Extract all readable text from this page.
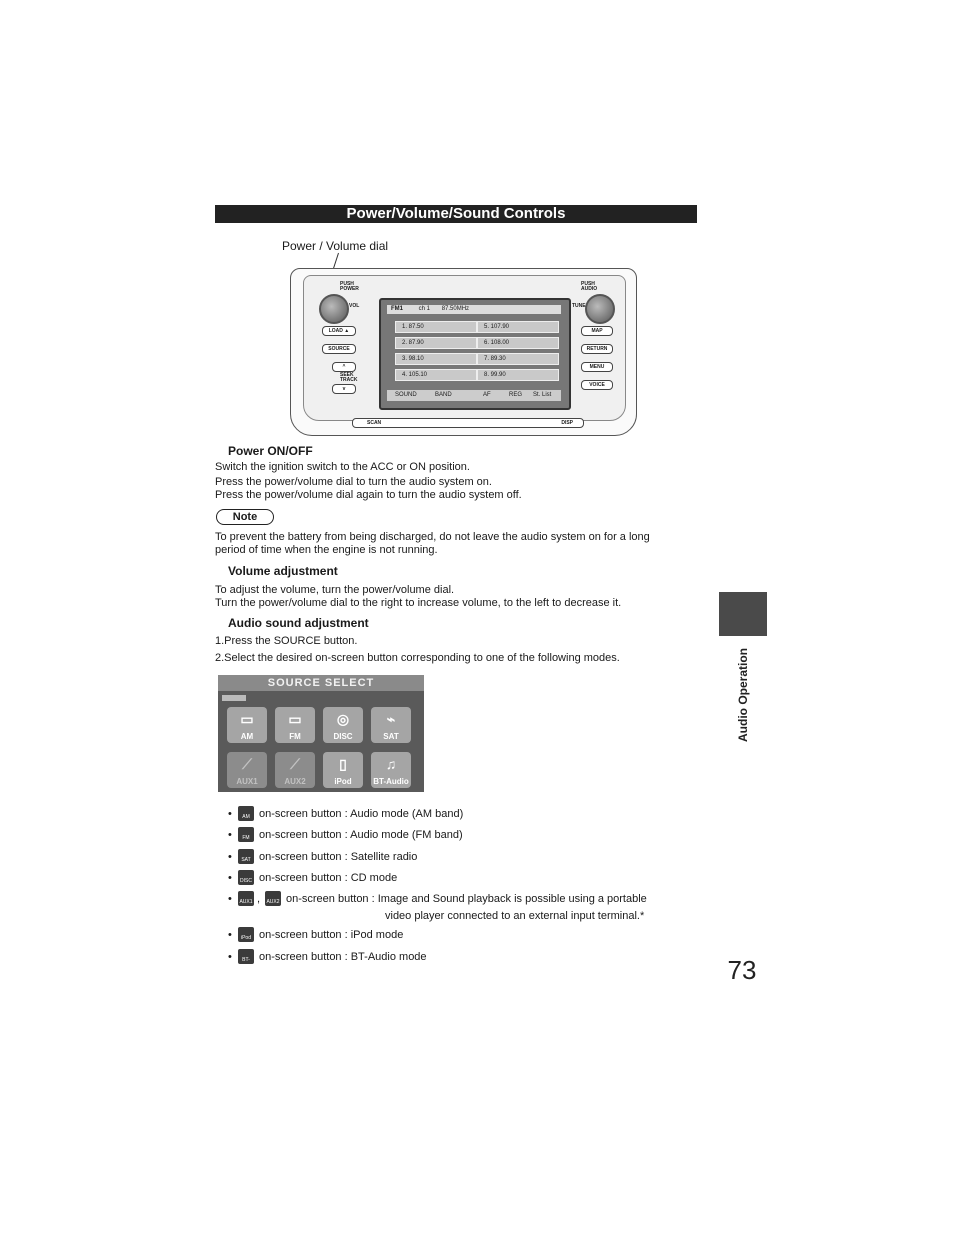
Power/Volume/Sound Controls
Audio Operation
73
Power / Volume dial
PUSH
POWER
VOL
PUSH
AUDIO
TUNE
LOAD ▲
SOURCE
^
SEEK TRACK
v
MAP
RETURN
MENU
VOICE
FM1	ch 1 87.50MHz
1. 87.50
2. 87.90
3. 98.10
4. 105.10
5. 107.90
6. 108.00
7. 89.30
8. 99.90
SOUND	BAND	AF	REG St. List
SCAN	DISP
Power ON/OFF
Switch the ignition switch to the ACC or ON position.
Press the power/volume dial to turn the audio system on.
Press the power/volume dial again to turn the audio system off.
Note
To prevent the battery from being discharged, do not leave the audio system on for a long
period of time when the engine is not running.
Volume adjustment
To adjust the volume, turn the power/volume dial.
Turn the power/volume dial to the right to increase volume, to the left to decrease it.
Audio sound adjustment
1.Press the SOURCE button.
2.Select the desired on-screen button corresponding to one of the following modes.
SOURCE SELECT
▭
AM
▭
FM
◎
DISC
⌁
SAT
⟋
AUX1
⟋
AUX2
▯
iPod
♫
BT-Audio
•	AM on-screen button : Audio mode (AM band)
•	FM on-screen button : Audio mode (FM band)
•	SAT on-screen button : Satellite radio
•	DISC on-screen button : CD mode
• AUX1 , AUX2 on-screen button : Image and Sound playback is possible using a portable
video player connected to an external input terminal.*
•	iPod on-screen button : iPod mode
•	BT-Audio
on-screen button : BT-Audio mode
